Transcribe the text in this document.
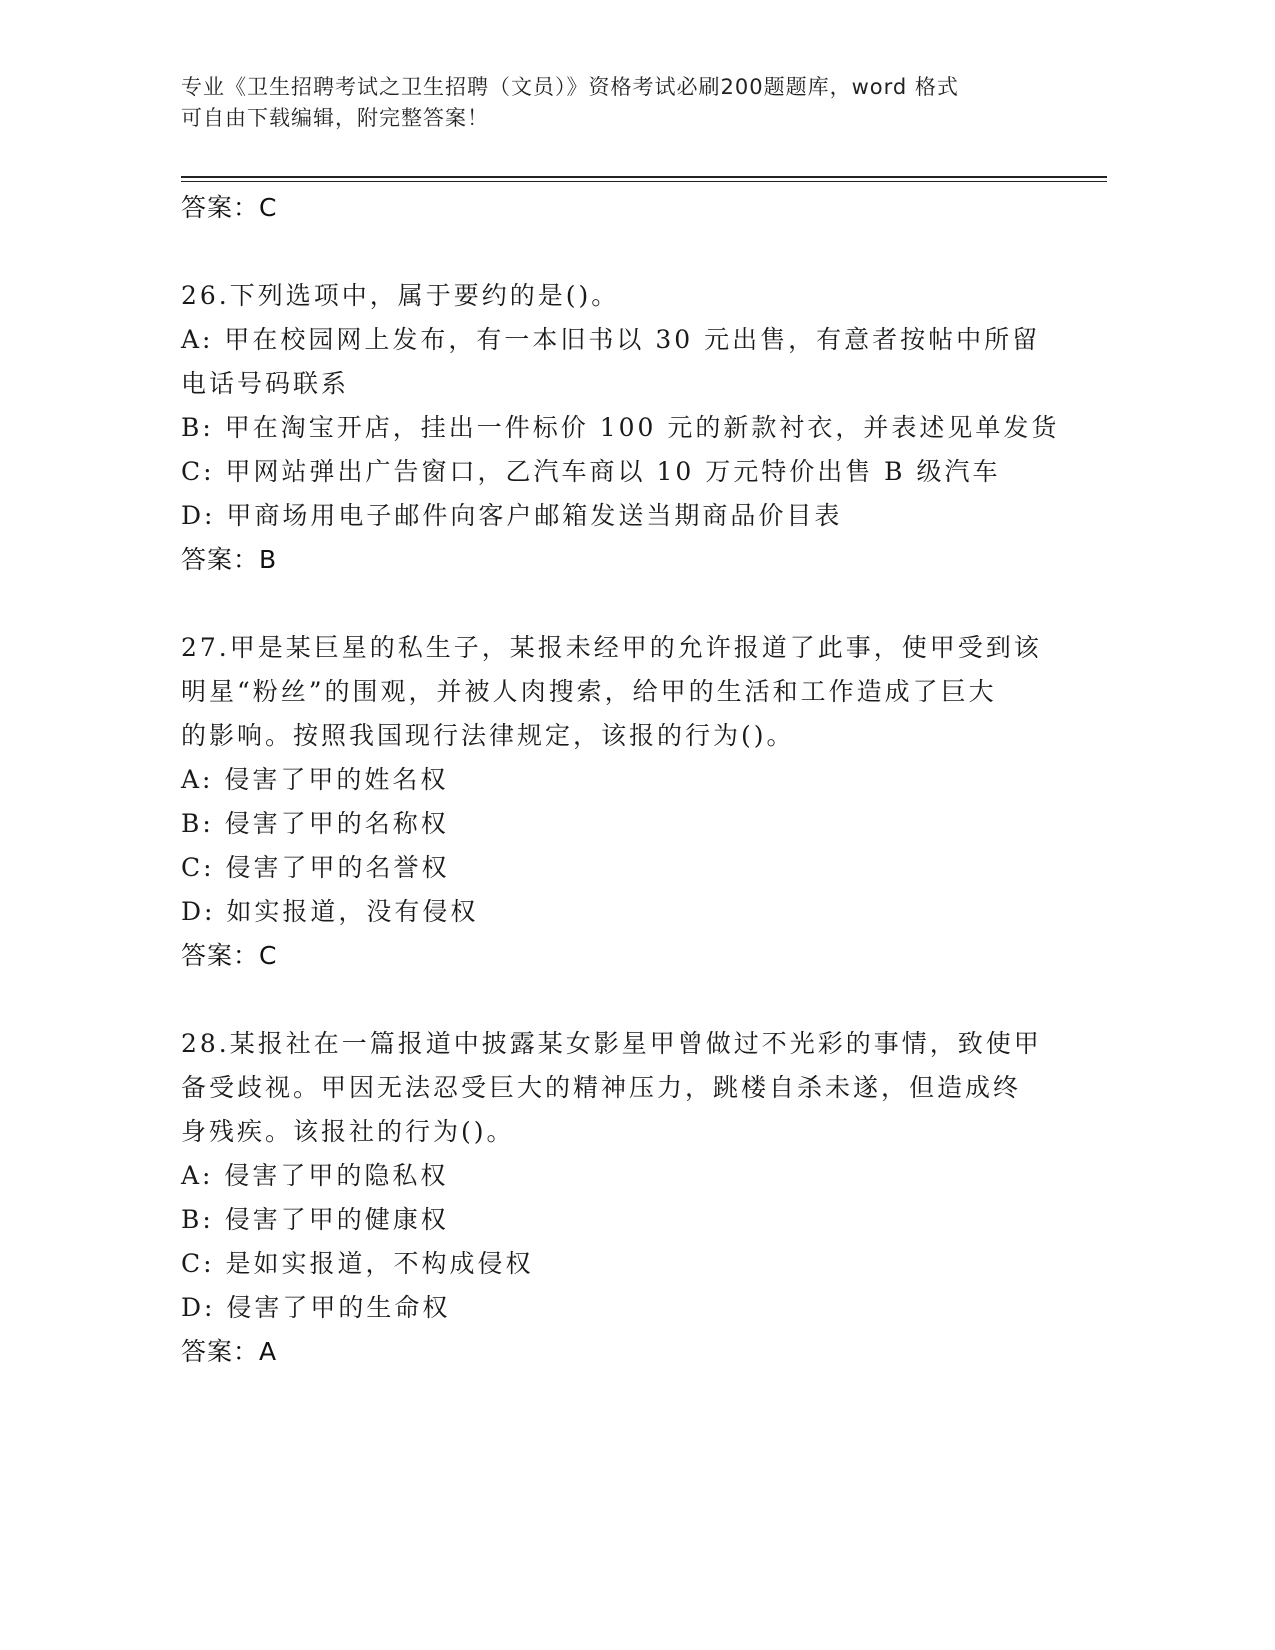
专业《卫生招聘考试之卫生招聘（文员）》资格考试必刷200题题库，word 格式
可自由下载编辑，附完整答案！
答案：C
26.下列选项中，属于要约的是()。
A: 甲在校园网上发布，有一本旧书以 30 元出售，有意者按帖中所留
电话号码联系
B: 甲在淘宝开店，挂出一件标价 100 元的新款衬衣，并表述见单发货
C: 甲网站弹出广告窗口，乙汽车商以 10 万元特价出售 B 级汽车
D: 甲商场用电子邮件向客户邮箱发送当期商品价目表
答案：B
27.甲是某巨星的私生子，某报未经甲的允许报道了此事，使甲受到该
明星“粉丝”的围观，并被人肉搜索，给甲的生活和工作造成了巨大
的影响。按照我国现行法律规定，该报的行为()。
A: 侵害了甲的姓名权
B: 侵害了甲的名称权
C: 侵害了甲的名誉权
D: 如实报道，没有侵权
答案：C
28.某报社在一篇报道中披露某女影星甲曾做过不光彩的事情，致使甲
备受歧视。甲因无法忍受巨大的精神压力，跳楼自杀未遂，但造成终
身残疾。该报社的行为()。
A: 侵害了甲的隐私权
B: 侵害了甲的健康权
C: 是如实报道，不构成侵权
D: 侵害了甲的生命权
答案：A
